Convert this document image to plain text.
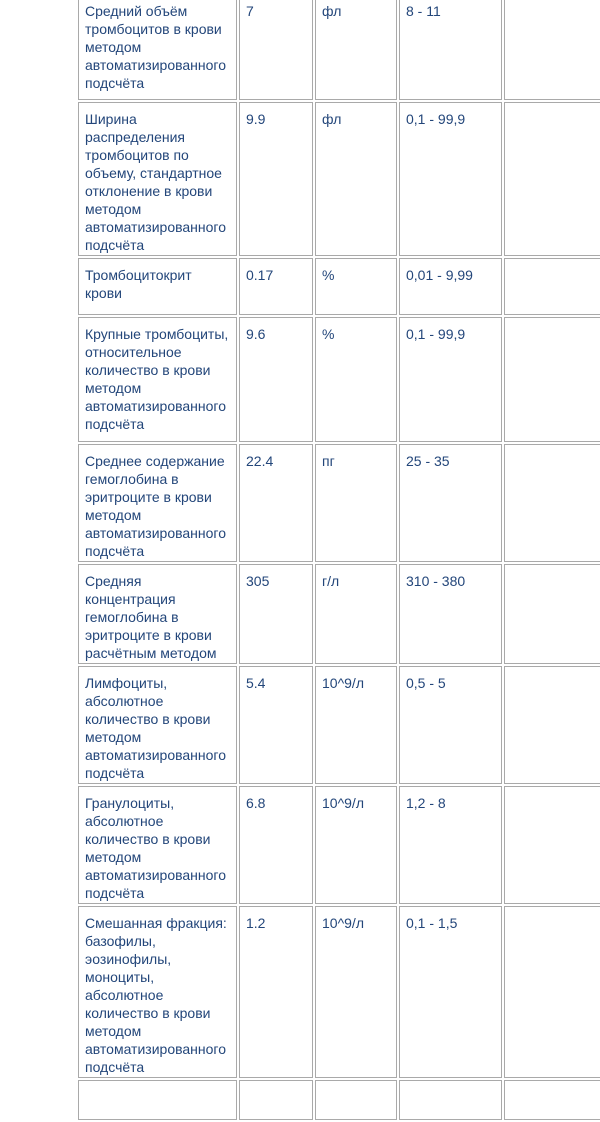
Средний объём тромбоцитов в крови методом автоматизированного подсчёта	7	фл	8 - 11	
Ширина распределения тромбоцитов по объему, стандартное отклонение в крови методом автоматизированного подсчёта	9.9	фл	0,1 - 99,9	
Тромбоцитокрит крови	0.17	%	0,01 - 9,99	
Крупные тромбоциты, относительное количество в крови методом автоматизированного подсчёта	9.6	%	0,1 - 99,9	
Среднее содержание гемоглобина в эритроците в крови методом автоматизированного подсчёта	22.4	пг	25 - 35	
Средняя концентрация гемоглобина в эритроците в крови расчётным методом	305	г/л	310 - 380	
Лимфоциты, абсолютное количество в крови методом автоматизированного подсчёта	5.4	10^9/л	0,5 - 5	
Гранулоциты, абсолютное количество в крови методом автоматизированного подсчёта	6.8	10^9/л	1,2 - 8	
Смешанная фракция: базофилы, эозинофилы, моноциты, абсолютное количество в крови методом автоматизированного подсчёта	1.2	10^9/л	0,1 - 1,5	
